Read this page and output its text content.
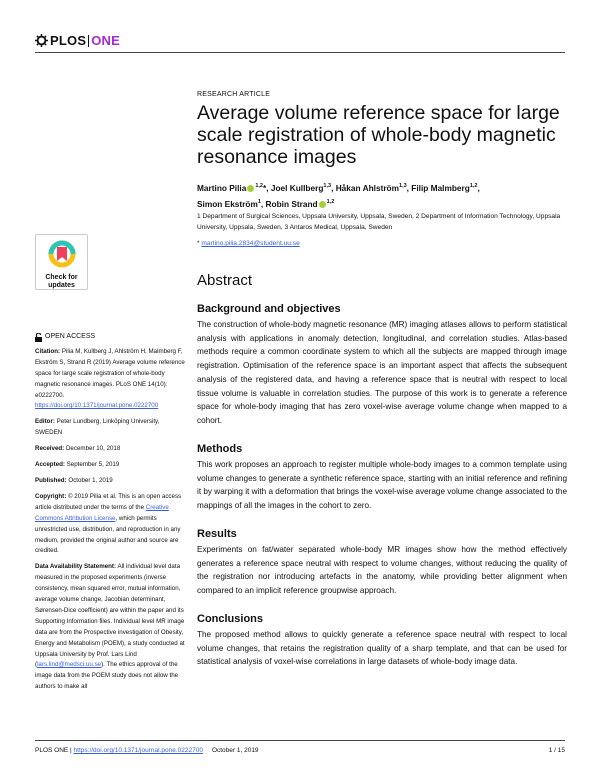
PLOS ONE
Check for updates
OPEN ACCESS

Citation: Pilia M, Kullberg J, Ahlström H, Malmberg F, Ekström S, Strand R (2019) Average volume reference space for large scale registration of whole-body magnetic resonance images. PLoS ONE 14(10): e0222700. https://doi.org/10.1371/journal.pone.0222700

Editor: Peter Lundberg, Linköping University, SWEDEN

Received: December 10, 2018

Accepted: September 5, 2019

Published: October 1, 2019

Copyright: © 2019 Pilia et al. This is an open access article distributed under the terms of the Creative Commons Attribution License, which permits unrestricted use, distribution, and reproduction in any medium, provided the original author and source are credited.

Data Availability Statement: All individual level data measured in the proposed experiments (inverse consistency, mean squared error, mutual information, average volume change, Jacobian determinant, Sørensen-Dice coefficient) are within the paper and its Supporting Information files. Individual level MR image data are from the Prospective investigation of Obesity, Energy and Metabolism (POEM), a study conducted at Uppsala University by Prof. Lars Lind (lars.lind@medsci.uu.se). The ethics approval of the image data from the POEM study does not allow the authors to make all

RESEARCH ARTICLE
Average volume reference space for large scale registration of whole-body magnetic resonance images
Martino Pilia $^{1,2}$*, Joel Kullberg$^{1,3}$, Håkan Ahlström$^{1,3}$, Filip Malmberg$^{1,2}$,
Simon Ekström$^1$, Robin Strand $^{1,2}$
1 Department of Surgical Sciences, Uppsala University, Uppsala, Sweden, 2 Department of Information Technology, Uppsala University, Uppsala, Sweden, 3 Antaros Medical, Uppsala, Sweden
* martino.pilia.2834@student.uu.se
Abstract
Background and objectives
The construction of whole-body magnetic resonance (MR) imaging atlases allows to perform statistical analysis with applications in anomaly detection, longitudinal, and correlation studies. Atlas-based methods require a common coordinate system to which all the subjects are mapped through image registration. Optimisation of the reference space is an important aspect that affects the subsequent analysis of the registered data, and having a reference space that is neutral with respect to local tissue volume is valuable in correlation studies. The purpose of this work is to generate a reference space for whole-body imaging that has zero voxel-wise average volume change when mapped to a cohort.
Methods
This work proposes an approach to register multiple whole-body images to a common template using volume changes to generate a synthetic reference space, starting with an initial reference and refining it by warping it with a deformation that brings the voxel-wise average volume change associated to the mappings of all the images in the cohort to zero.
Results
Experiments on fat/water separated whole-body MR images show how the method effectively generates a reference space neutral with respect to volume changes, without reducing the quality of the registration nor introducing artefacts in the anatomy, while providing better alignment when compared to an implicit reference groupwise approach.
Conclusions
The proposed method allows to quickly generate a reference space neutral with respect to local volume changes, that retains the registration quality of a sharp template, and that can be used for statistical analysis of voxel-wise correlations in large datasets of whole-body image data.
PLOS ONE |
https://doi.org/10.1371/journal.pone.0222700 October 1, 2019	1 / 15
